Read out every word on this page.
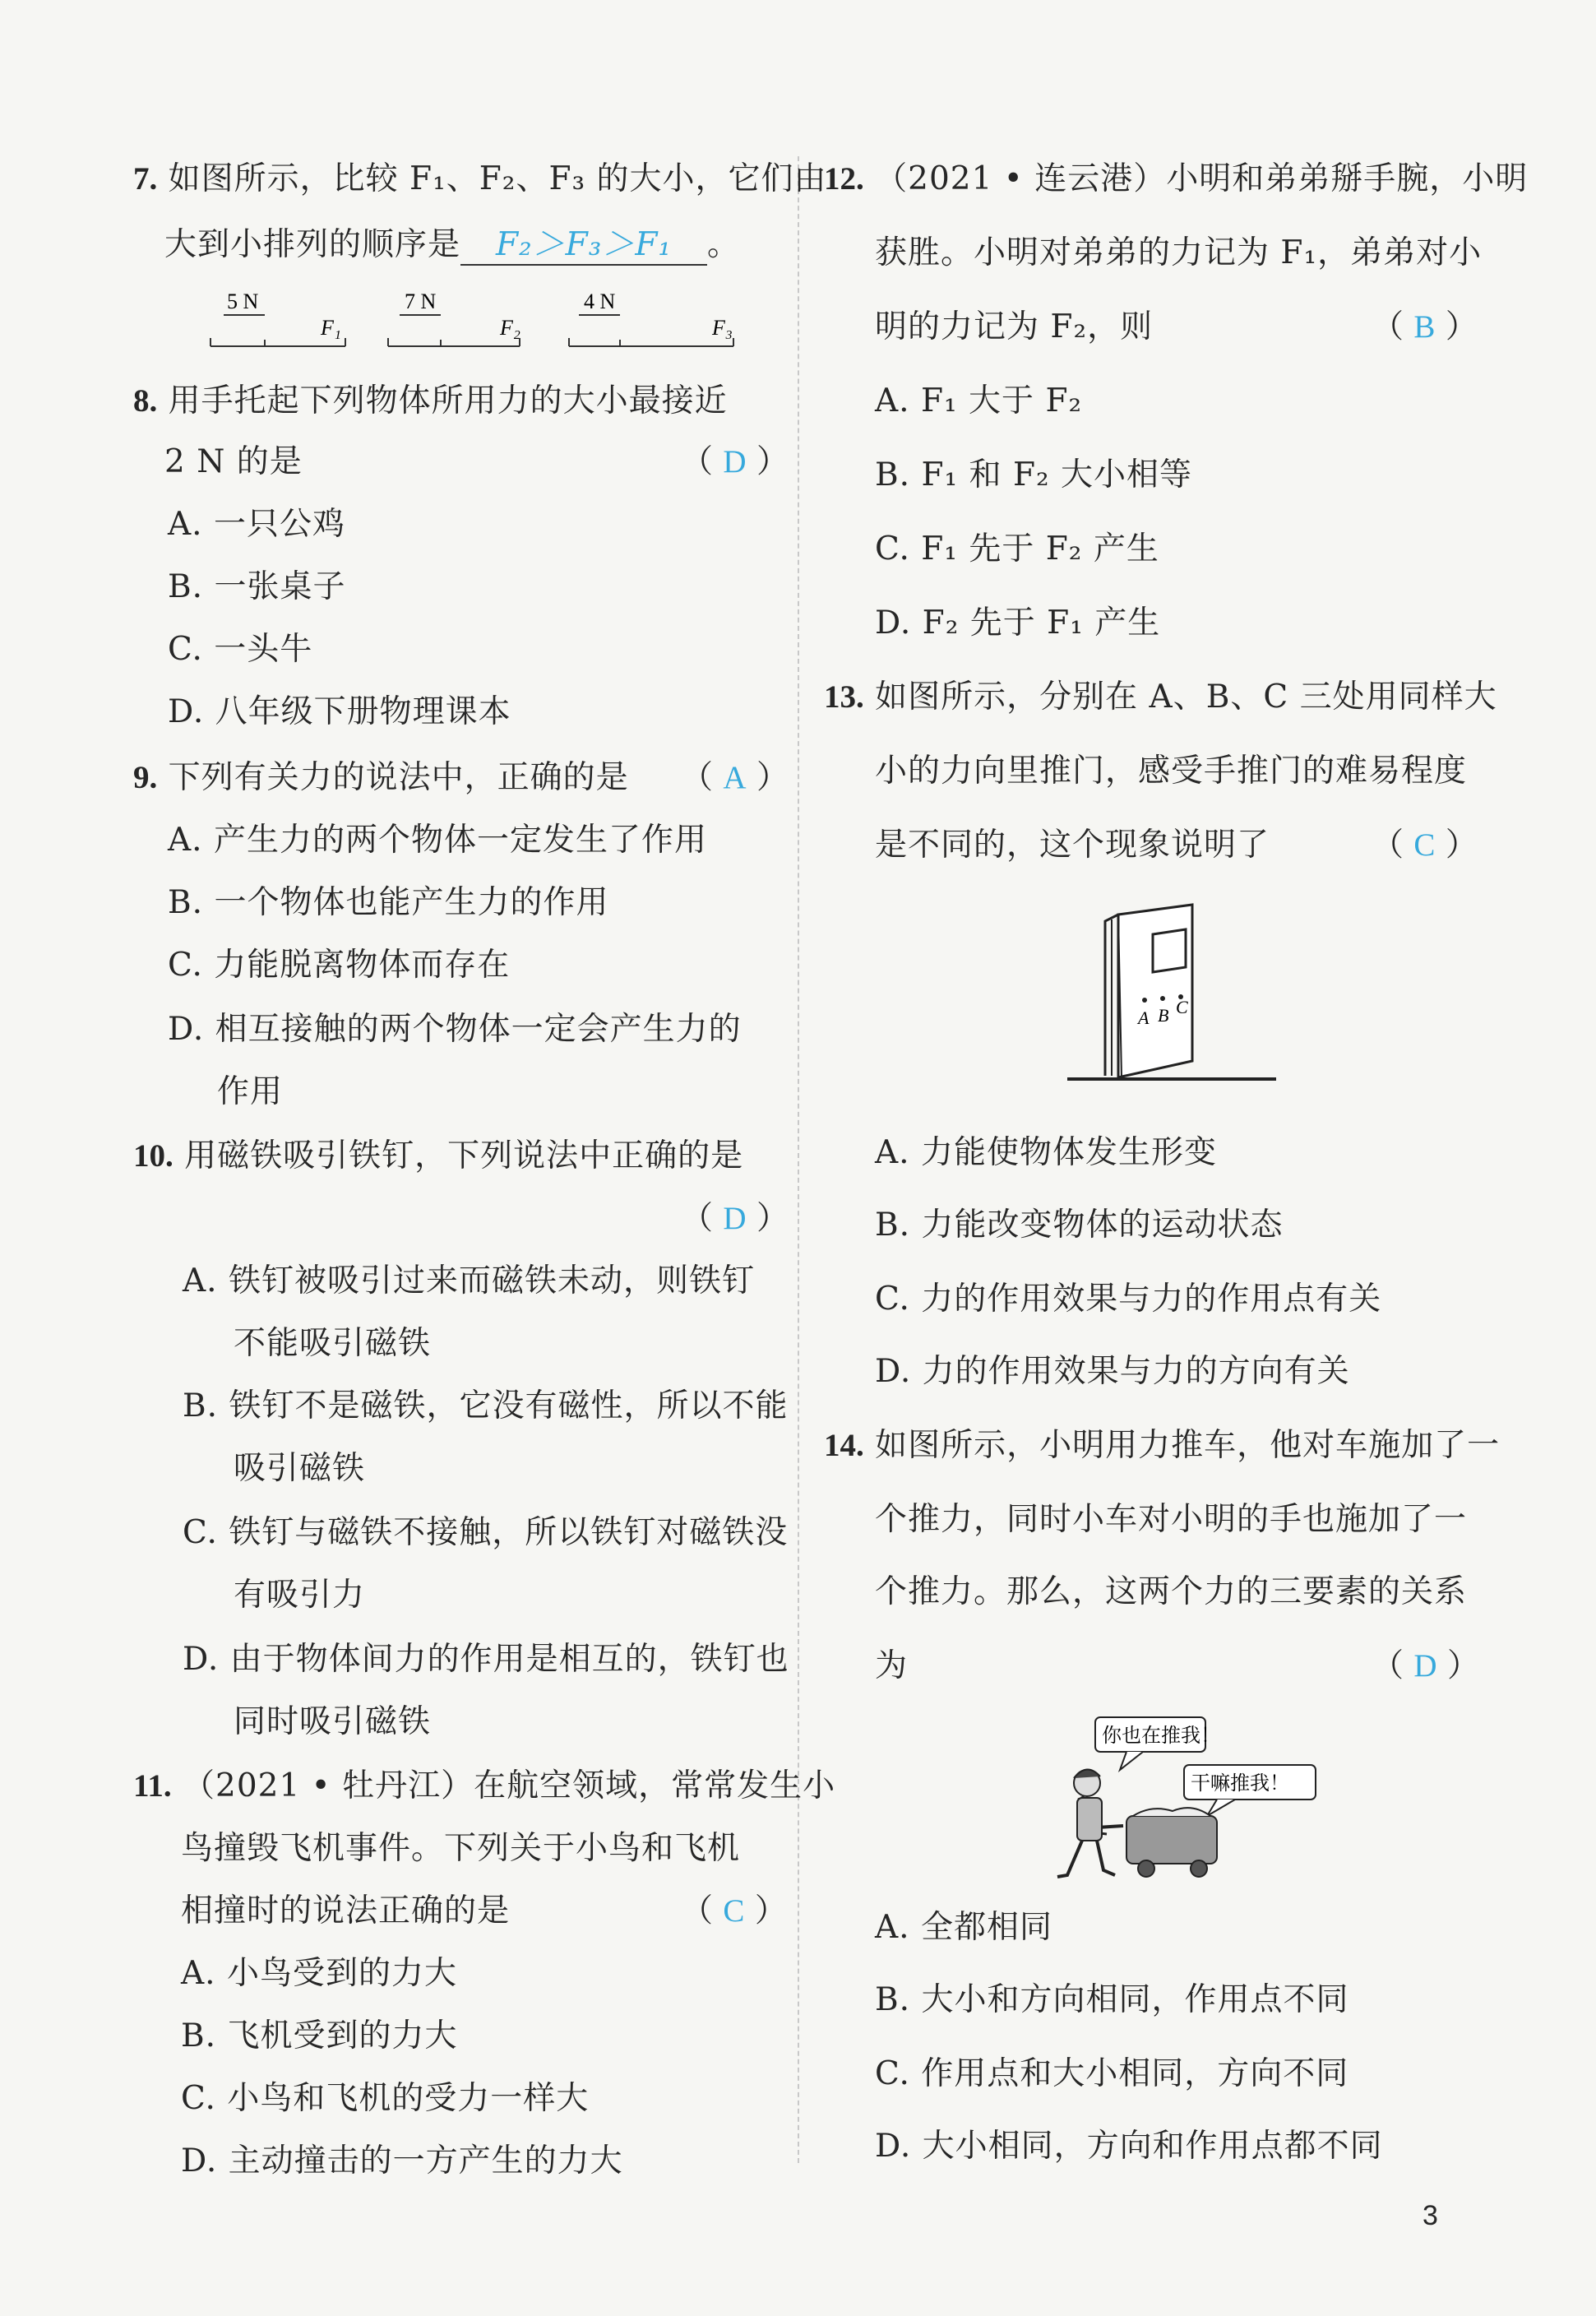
7. 如图所示，比较 F₁、F₂、F₃ 的大小，它们由
大到小排列的顺序是 F₂＞F₃＞F₁ 。
5 N
F₁
7 N
F₂
4 N
F₃
8. 用手托起下列物体所用力的大小最接近
2 N 的是	（ D ）
A. 一只公鸡
B. 一张桌子
C. 一头牛
D. 八年级下册物理课本
9. 下列有关力的说法中，正确的是 （ A ）
A. 产生力的两个物体一定发生了作用
B. 一个物体也能产生力的作用
C. 力能脱离物体而存在
D. 相互接触的两个物体一定会产生力的
作用
10. 用磁铁吸引铁钉，下列说法中正确的是
（ D ）
A. 铁钉被吸引过来而磁铁未动，则铁钉
不能吸引磁铁
B. 铁钉不是磁铁，它没有磁性，所以不能
吸引磁铁
C. 铁钉与磁铁不接触，所以铁钉对磁铁没
有吸引力
D. 由于物体间力的作用是相互的，铁钉也
同时吸引磁铁
11. （2021 • 牡丹江）在航空领域，常常发生小
鸟撞毁飞机事件。下列关于小鸟和飞机
相撞时的说法正确的是	（ C ）
A. 小鸟受到的力大
B. 飞机受到的力大
C. 小鸟和飞机的受力一样大
D. 主动撞击的一方产生的力大
12. （2021 • 连云港）小明和弟弟掰手腕，小明
获胜。小明对弟弟的力记为 F₁，弟弟对小
明的力记为 F₂，则	（ B ）
A. F₁ 大于 F₂
B. F₁ 和 F₂ 大小相等
C. F₁ 先于 F₂ 产生
D. F₂ 先于 F₁ 产生
13. 如图所示，分别在 A、B、C 三处用同样大
小的力向里推门，感受手推门的难易程度
是不同的，这个现象说明了	（ C ）
A B C
A. 力能使物体发生形变
B. 力能改变物体的运动状态
C. 力的作用效果与力的作用点有关
D. 力的作用效果与力的方向有关
14. 如图所示，小明用力推车，他对车施加了一
个推力，同时小车对小明的手也施加了一
个推力。那么，这两个力的三要素的关系
为	（ D ）
你也在推我！
干嘛推我！
A. 全都相同
B. 大小和方向相同，作用点不同
C. 作用点和大小相同，方向不同
D. 大小相同，方向和作用点都不同
3
